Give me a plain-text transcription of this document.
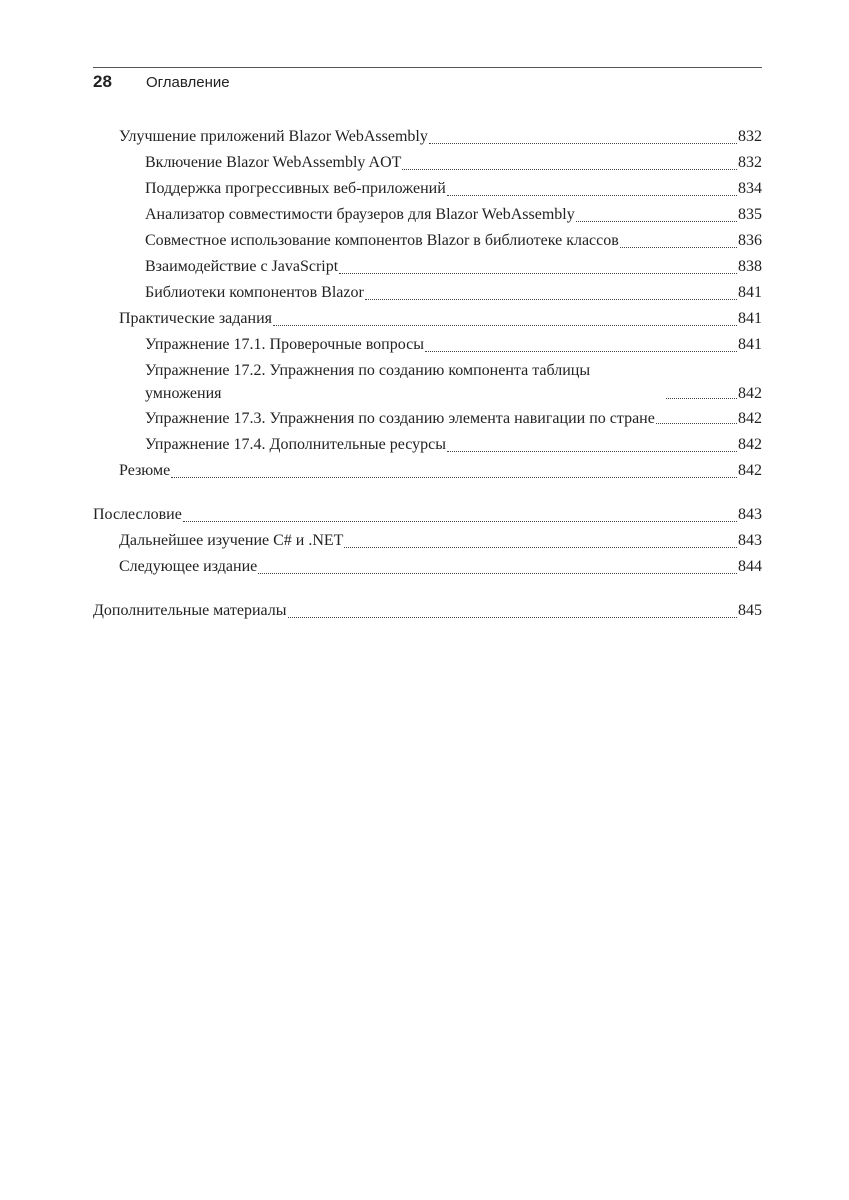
28	Оглавление
Улучшение приложений Blazor WebAssembly	832
Включение Blazor WebAssembly AOT	832
Поддержка прогрессивных веб-приложений	834
Анализатор совместимости браузеров для Blazor WebAssembly	835
Совместное использование компонентов Blazor в библиотеке классов	836
Взаимодействие с JavaScript	838
Библиотеки компонентов Blazor	841
Практические задания	841
Упражнение 17.1. Проверочные вопросы	841
Упражнение 17.2. Упражнения по созданию компонента таблицы умножения	842
Упражнение 17.3. Упражнения по созданию элемента навигации по стране	842
Упражнение 17.4. Дополнительные ресурсы	842
Резюме	842
Послесловие	843
Дальнейшее изучение C# и .NET	843
Следующее издание	844
Дополнительные материалы	845
